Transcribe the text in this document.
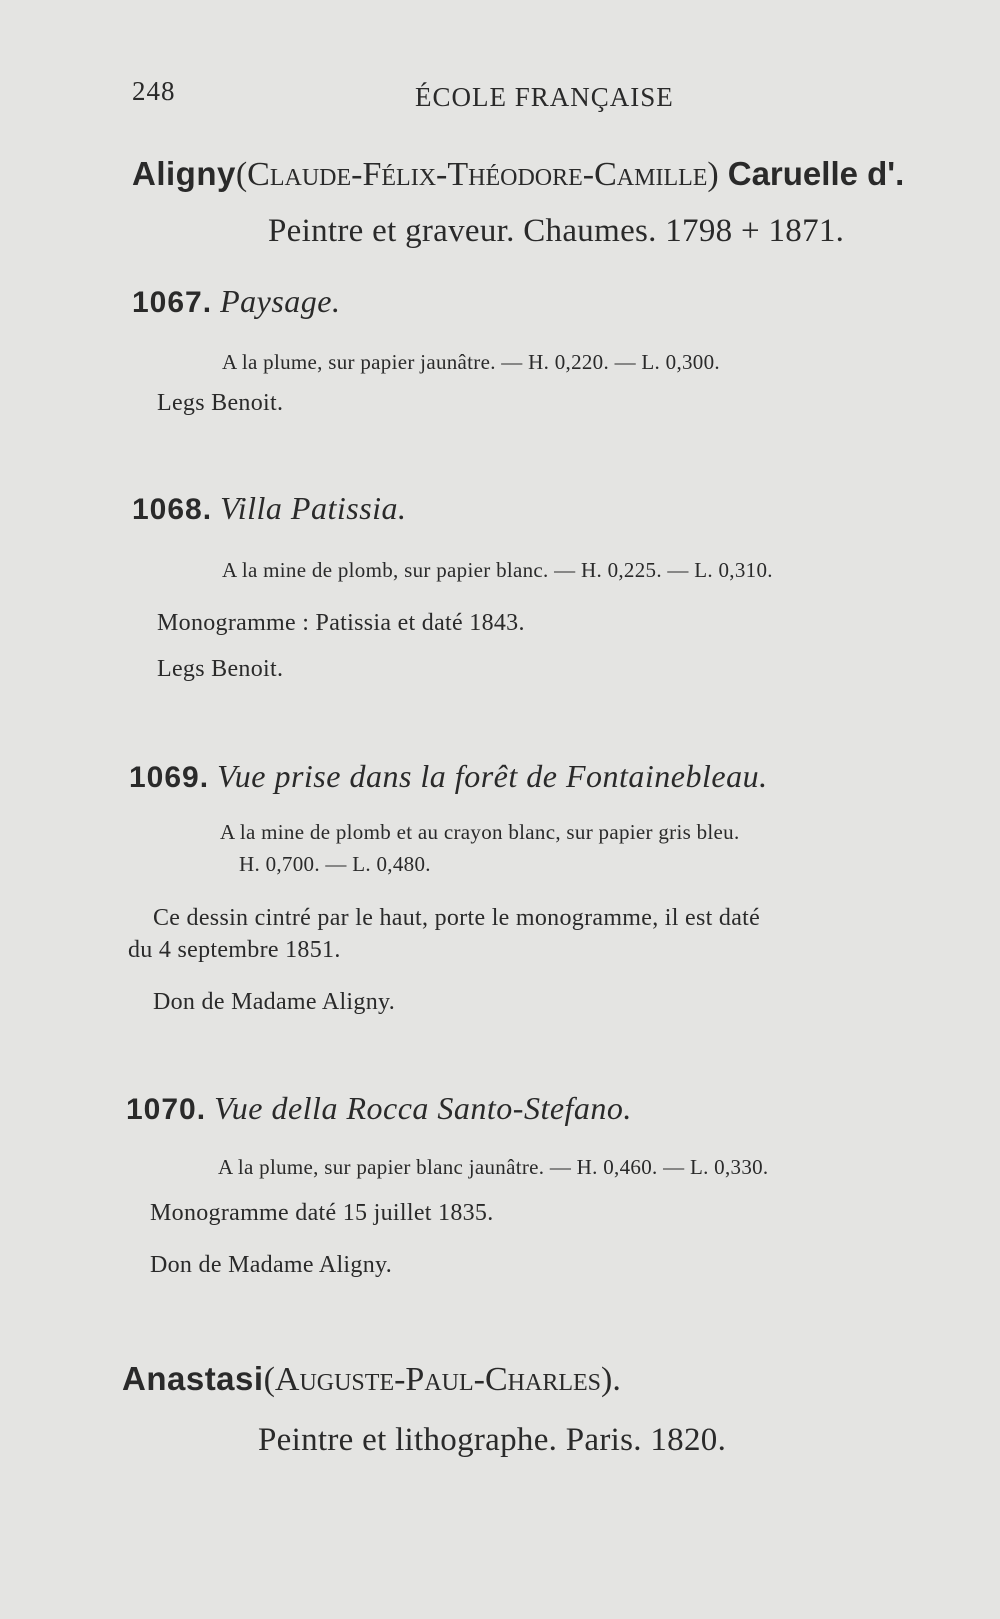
248	ÉCOLE FRANÇAISE
Aligny(Claude-Félix-Théodore-Camille) Caruelle d'.
Peintre et graveur. Chaumes. 1798 + 1871.
1067. Paysage.
A la plume, sur papier jaunâtre. — H. 0,220. — L. 0,300.
Legs Benoit.
1068. Villa Patissia.
A la mine de plomb, sur papier blanc. — H. 0,225. — L. 0,310.
Monogramme : Patissia et daté 1843.
Legs Benoit.
1069. Vue prise dans la forêt de Fontainebleau.
A la mine de plomb et au crayon blanc, sur papier gris bleu.
H. 0,700. — L. 0,480.
Ce dessin cintré par le haut, porte le monogramme, il est daté
du 4 septembre 1851.
Don de Madame Aligny.
1070. Vue della Rocca Santo-Stefano.
A la plume, sur papier blanc jaunâtre. — H. 0,460. — L. 0,330.
Monogramme daté 15 juillet 1835.
Don de Madame Aligny.
Anastasi(Auguste-Paul-Charles).
Peintre et lithographe. Paris. 1820.
